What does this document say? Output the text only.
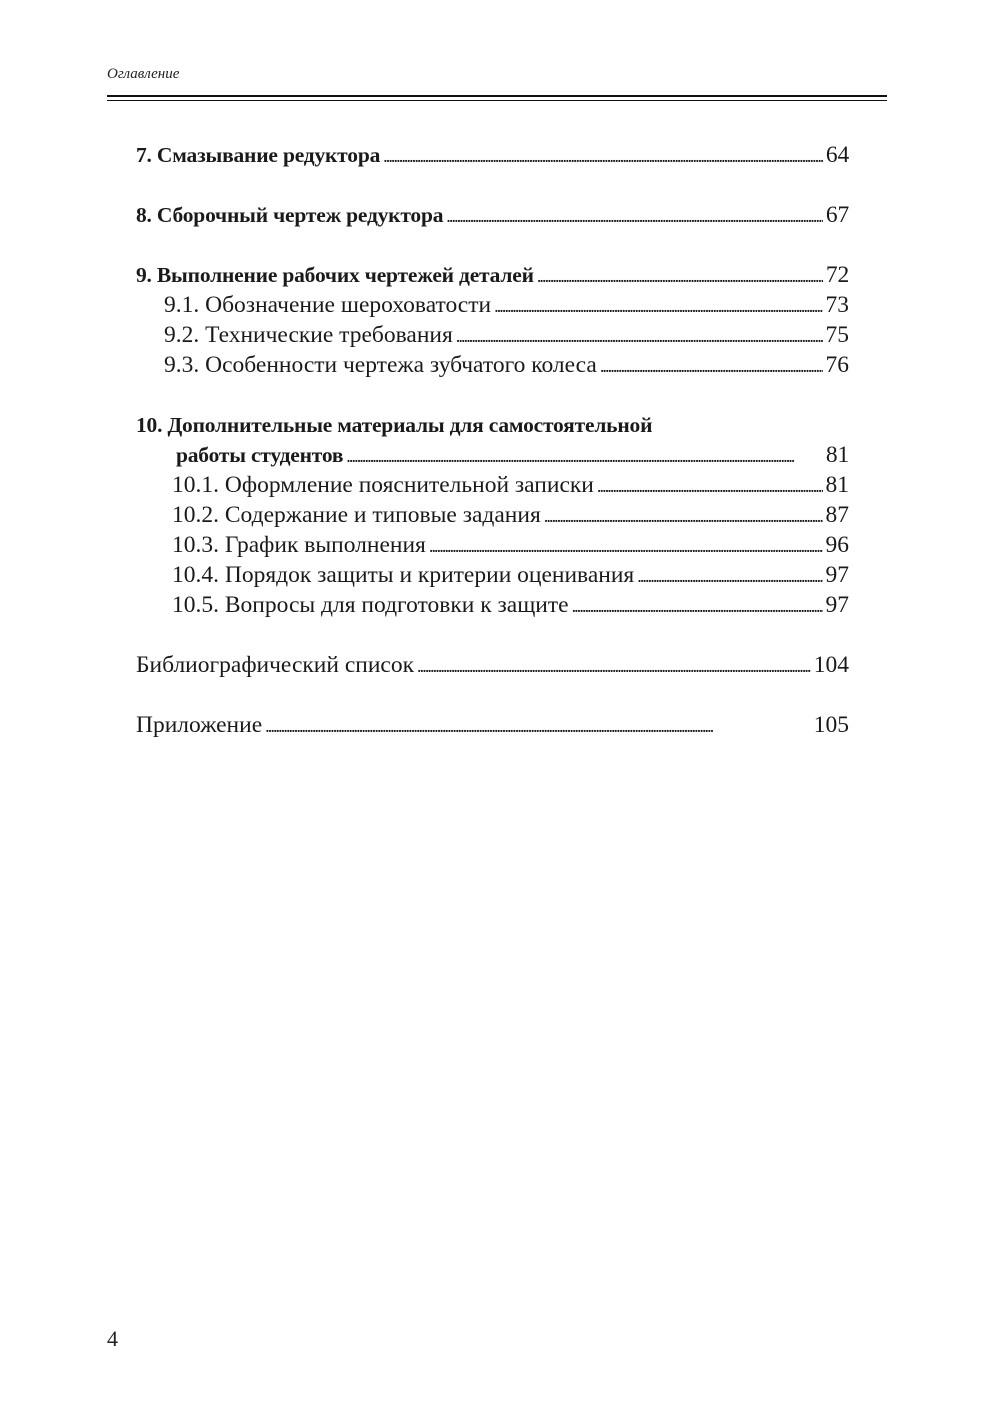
Оглавление
7. Смазывание редуктора . . .	64
8. Сборочный чертеж редуктора . . .	67
9. Выполнение рабочих чертежей деталей . . .	72
9.1. Обозначение шероховатости . . .	73
9.2. Технические требования . . .	75
9.3. Особенности чертежа зубчатого колеса . . .	76
10. Дополнительные материалы для самостоятельной
работы студентов . . .	81
10.1. Оформление пояснительной записки . . .	81
10.2. Содержание и типовые задания . . .	87
10.3. График выполнения . . .	96
10.4. Порядок защиты и критерии оценивания . . .	97
10.5. Вопросы для подготовки к защите . . .	97
Библиографический список . . .	104
Приложение . . .	105
4
